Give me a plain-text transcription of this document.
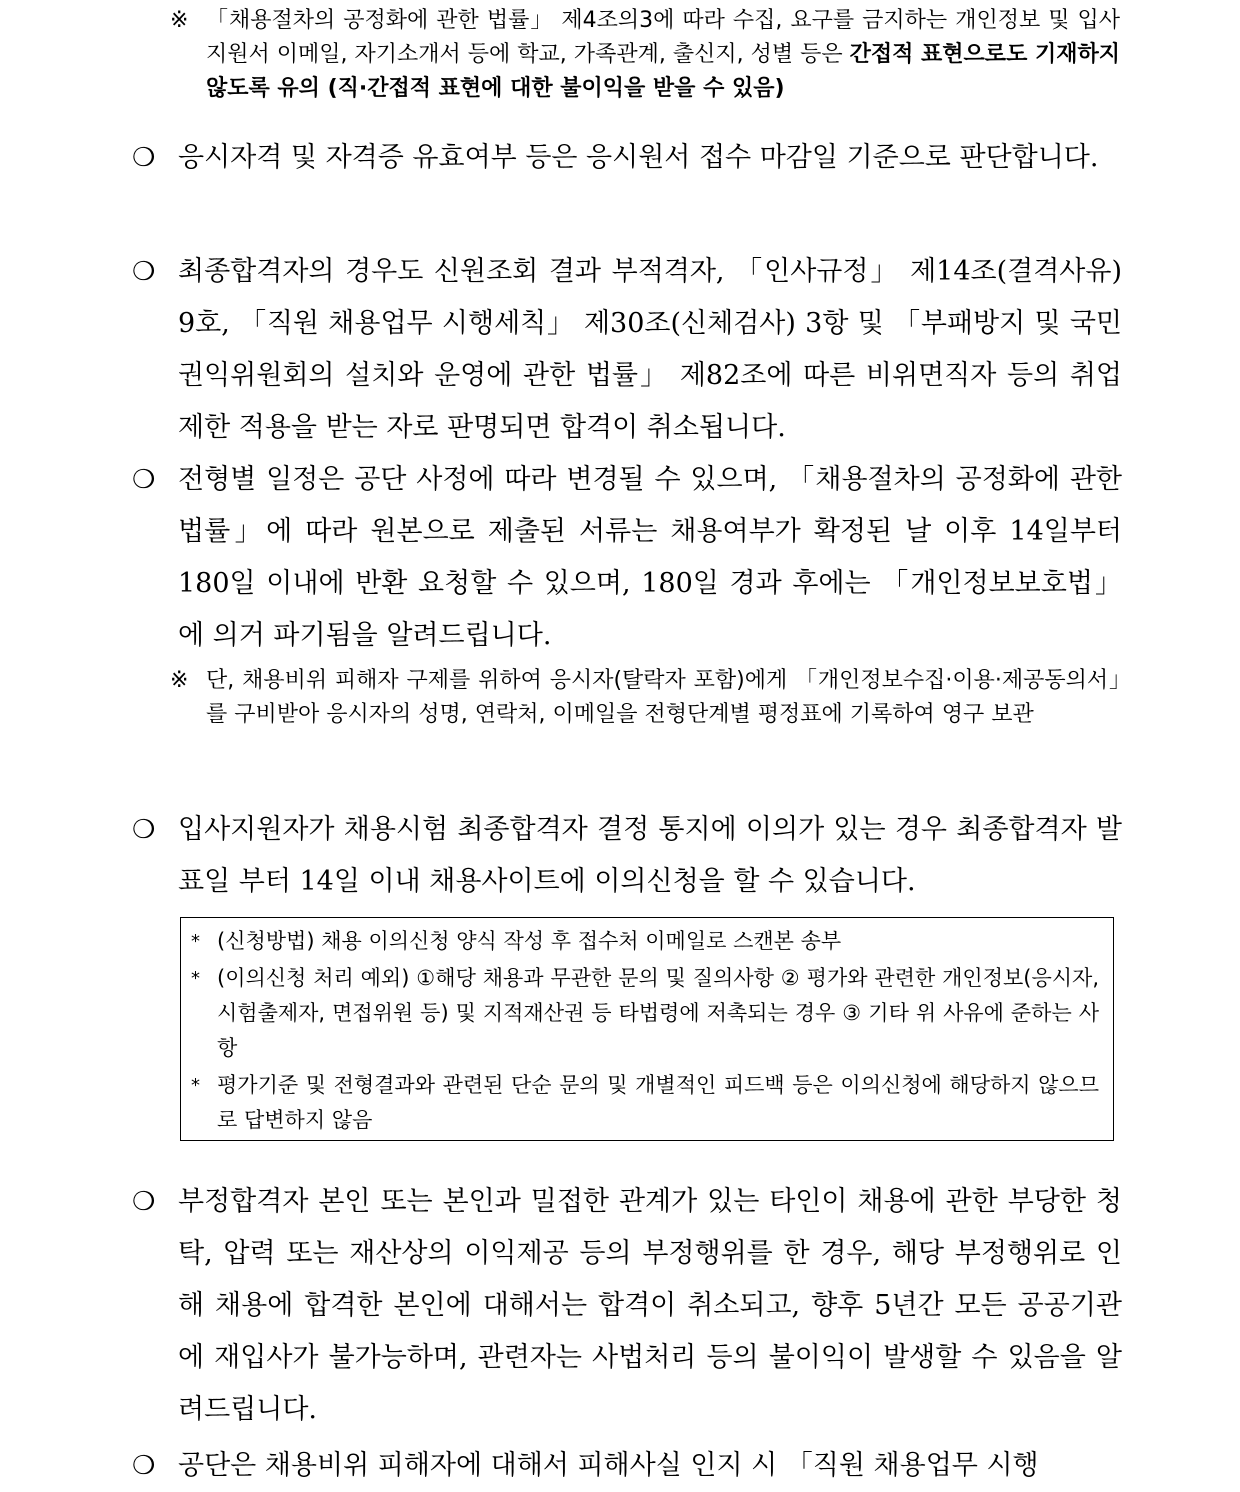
※ 「채용절차의 공정화에 관한 법률」 제4조의3에 따라 수집, 요구를 금지하는 개인정보 및 입사지원서 이메일, 자기소개서 등에 학교, 가족관계, 출신지, 성별 등은 간접적 표현으로도 기재하지 않도록 유의 (직·간접적 표현에 대한 불이익을 받을 수 있음)
❍ 응시자격 및 자격증 유효여부 등은 응시원서 접수 마감일 기준으로 판단합니다.
❍ 최종합격자의 경우도 신원조회 결과 부적격자, 「인사규정」 제14조(결격사유) 9호, 「직원 채용업무 시행세칙」 제30조(신체검사) 3항 및 「부패방지 및 국민권익위원회의 설치와 운영에 관한 법률」 제82조에 따른 비위면직자 등의 취업제한 적용을 받는 자로 판명되면 합격이 취소됩니다.
❍ 전형별 일정은 공단 사정에 따라 변경될 수 있으며, 「채용절차의 공정화에 관한 법률」에 따라 원본으로 제출된 서류는 채용여부가 확정된 날 이후 14일부터 180일 이내에 반환 요청할 수 있으며, 180일 경과 후에는 「개인정보보호법」에 의거 파기됨을 알려드립니다.
※ 단, 채용비위 피해자 구제를 위하여 응시자(탈락자 포함)에게 「개인정보수집·이용·제공동의서」를 구비받아 응시자의 성명, 연락처, 이메일을 전형단계별 평정표에 기록하여 영구 보관
❍ 입사지원자가 채용시험 최종합격자 결정 통지에 이의가 있는 경우 최종합격자 발표일 부터 14일 이내 채용사이트에 이의신청을 할 수 있습니다.
* (신청방법) 채용 이의신청 양식 작성 후 접수처 이메일로 스캔본 송부
* (이의신청 처리 예외) ①해당 채용과 무관한 문의 및 질의사항 ② 평가와 관련한 개인정보(응시자, 시험출제자, 면접위원 등) 및 지적재산권 등 타법령에 저촉되는 경우 ③ 기타 위 사유에 준하는 사항
* 평가기준 및 전형결과와 관련된 단순 문의 및 개별적인 피드백 등은 이의신청에 해당하지 않으므로 답변하지 않음
❍ 부정합격자 본인 또는 본인과 밀접한 관계가 있는 타인이 채용에 관한 부당한 청탁, 압력 또는 재산상의 이익제공 등의 부정행위를 한 경우, 해당 부정행위로 인해 채용에 합격한 본인에 대해서는 합격이 취소되고, 향후 5년간 모든 공공기관에 재입사가 불가능하며, 관련자는 사법처리 등의 불이익이 발생할 수 있음을 알려드립니다.
❍ 공단은 채용비위 피해자에 대해서 피해사실 인지 시 「직원 채용업무 시행
